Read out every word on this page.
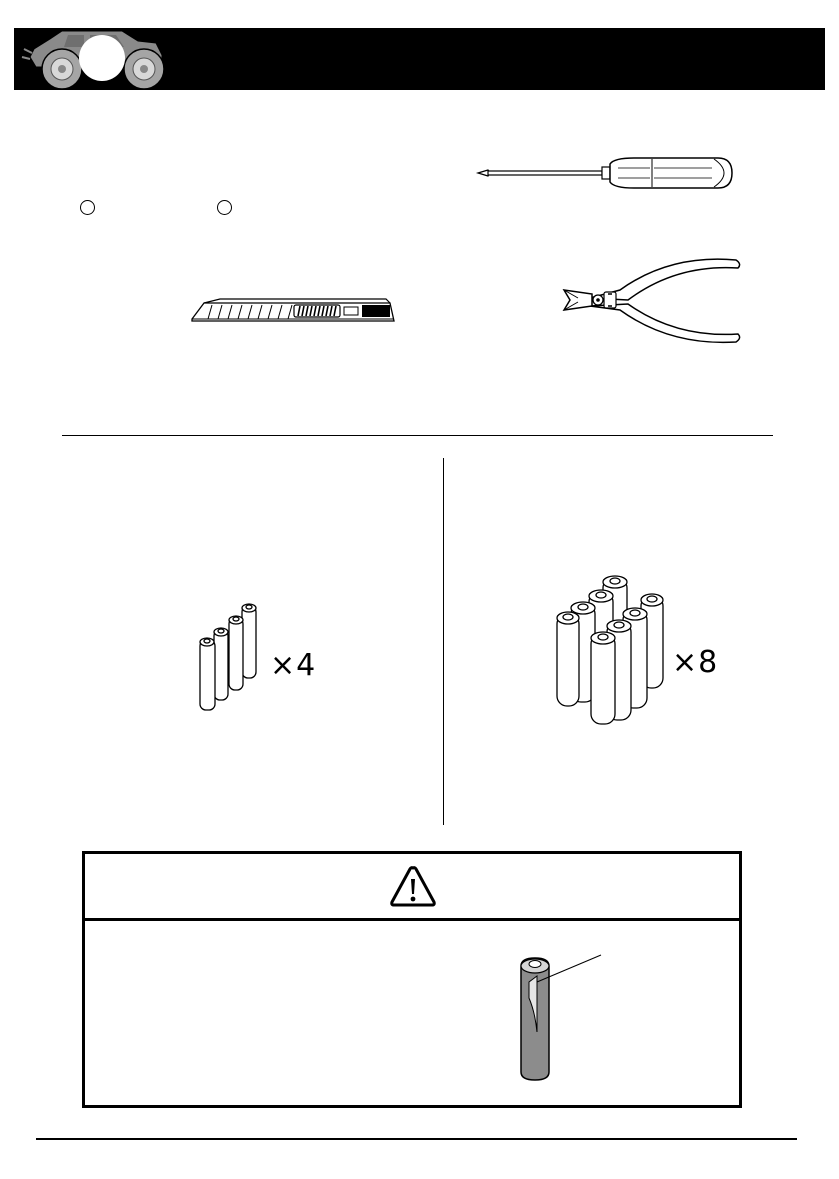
×4	×8
